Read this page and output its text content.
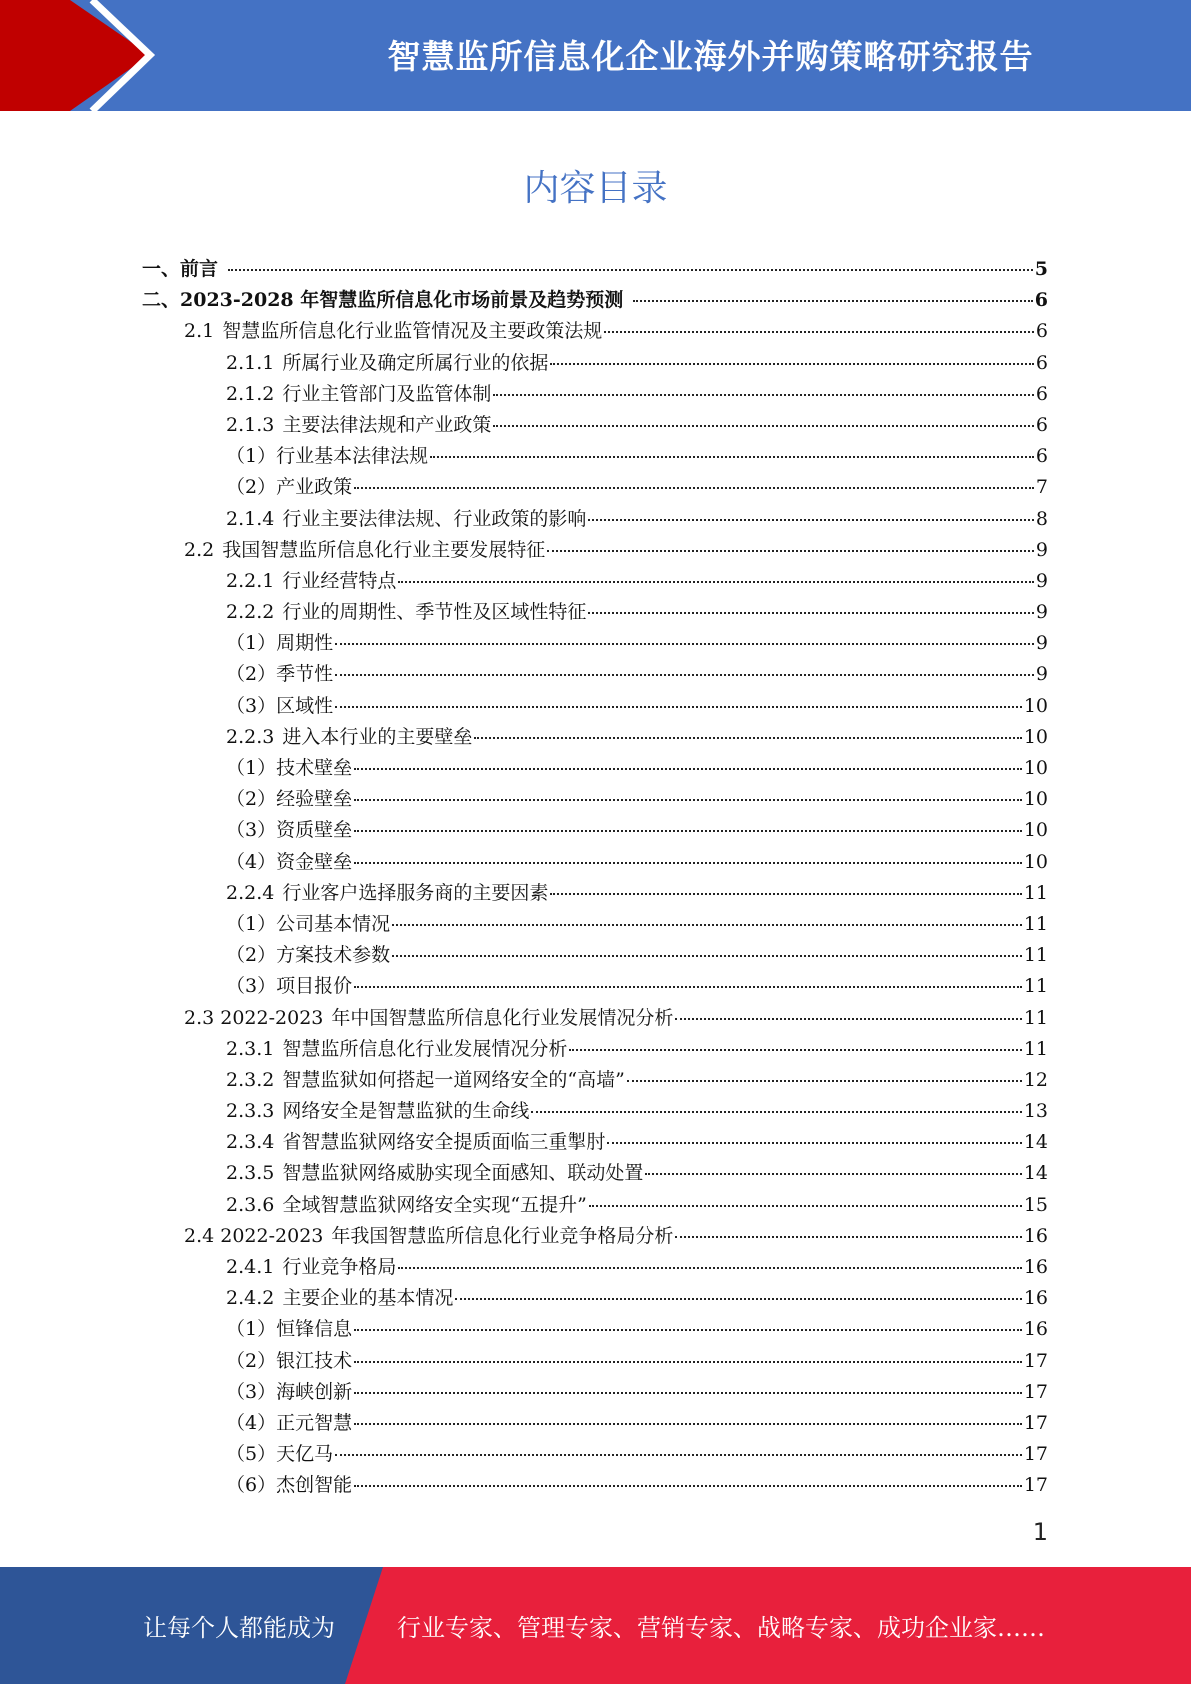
智慧监所信息化企业海外并购策略研究报告
内容目录
一、前言	5
二、2023-2028 年智慧监所信息化市场前景及趋势预测	6
2.1 智慧监所信息化行业监管情况及主要政策法规	6
2.1.1 所属行业及确定所属行业的依据	6
2.1.2 行业主管部门及监管体制	6
2.1.3 主要法律法规和产业政策	6
（1） 行业基本法律法规	6
（2） 产业政策	7
2.1.4 行业主要法律法规、行业政策的影响	8
2.2 我国智慧监所信息化行业主要发展特征	9
2.2.1 行业经营特点	9
2.2.2 行业的周期性、季节性及区域性特征	9
（1） 周期性	9
（2） 季节性	9
（3） 区域性	10
2.2.3 进入本行业的主要壁垒	10
（1） 技术壁垒	10
（2） 经验壁垒	10
（3） 资质壁垒	10
（4） 资金壁垒	10
2.2.4 行业客户选择服务商的主要因素	11
（1） 公司基本情况	11
（2） 方案技术参数	11
（3） 项目报价	11
2.3 2022-2023 年中国智慧监所信息化行业发展情况分析	11
2.3.1 智慧监所信息化行业发展情况分析	11
2.3.2 智慧监狱如何搭起一道网络安全的“高墙”	12
2.3.3 网络安全是智慧监狱的生命线	13
2.3.4 省智慧监狱网络安全提质面临三重掣肘	14
2.3.5 智慧监狱网络威胁实现全面感知、联动处置	14
2.3.6 全域智慧监狱网络安全实现“五提升”	15
2.4 2022-2023 年我国智慧监所信息化行业竞争格局分析	16
2.4.1 行业竞争格局	16
2.4.2 主要企业的基本情况	16
（1） 恒锋信息	16
（2） 银江技术	17
（3） 海峡创新	17
（4） 正元智慧	17
（5） 天亿马	17
（6） 杰创智能	17
1
让每个人都能成为	行业专家、管理专家、营销专家、战略专家、成功企业家……
